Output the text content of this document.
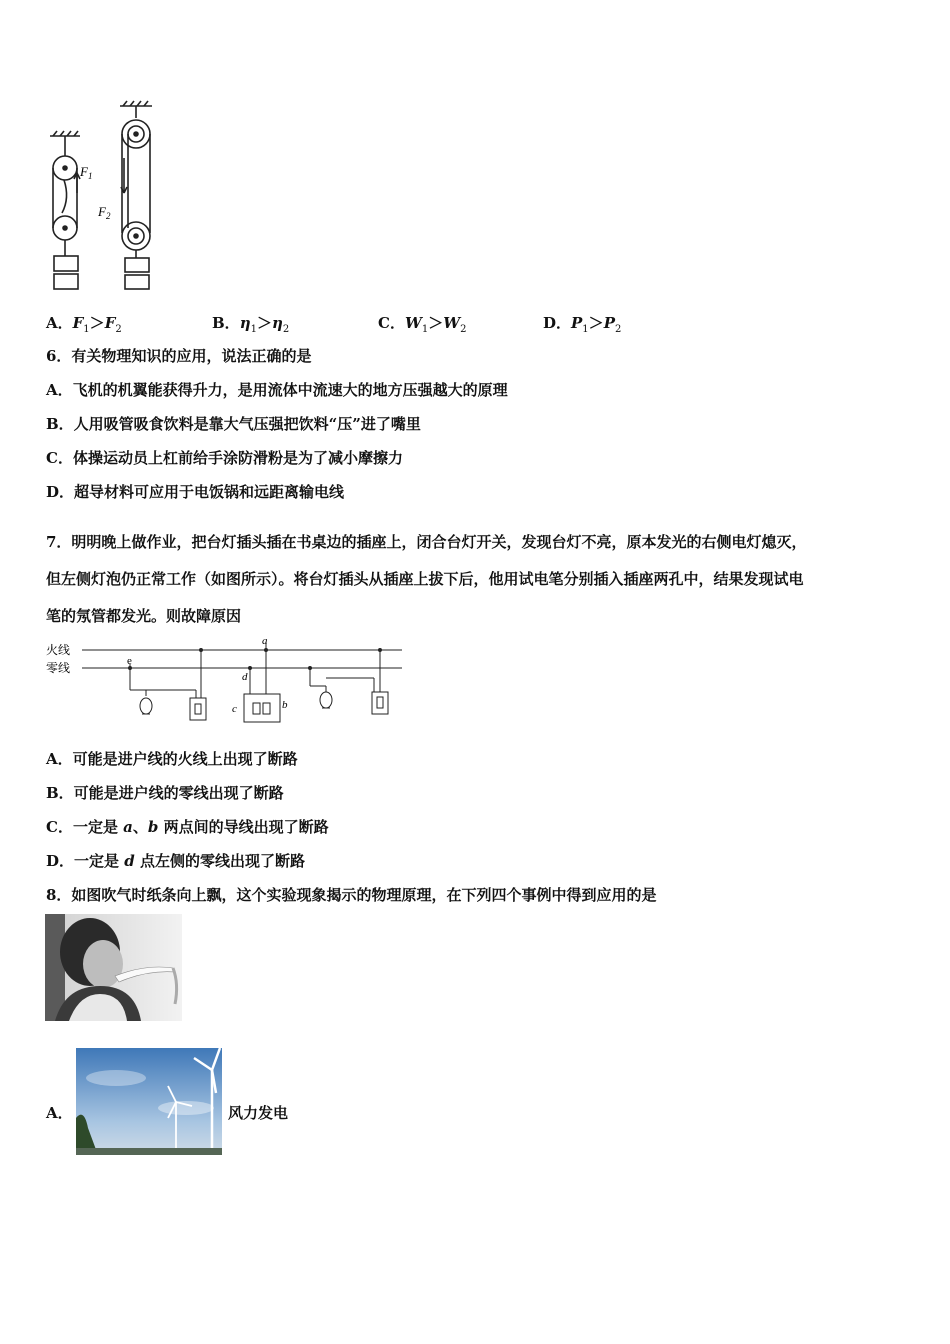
$F_1$
$F_2$
A．$F_1>F_2$	B．$\eta_1>\eta_2$	C．$W_1>W_2$	D．$P_1>P_2$
6．有关物理知识的应用，说法正确的是
A．飞机的机翼能获得升力，是用流体中流速大的地方压强越大的原理
B．人用吸管吸食饮料是靠大气压强把饮料“压”进了嘴里
C．体操运动员上杠前给手涂防滑粉是为了减小摩擦力
D．超导材料可应用于电饭锅和远距离输电线
7．明明晚上做作业，把台灯插头插在书桌边的插座上，闭合台灯开关，发现台灯不亮，原本发光的右侧电灯熄灭，
但左侧灯泡仍正常工作（如图所示）。将台灯插头从插座上拔下后，他用试电笔分别插入插座两孔中，结果发现试电
笔的氖管都发光。则故障原因
火线
零线
a
b
c
d
e
A．可能是进户线的火线上出现了断路
B．可能是进户线的零线出现了断路
C．一定是 a、b 两点间的导线出现了断路
D．一定是 d 点左侧的零线出现了断路
8．如图吹气时纸条向上飘，这个实验现象揭示的物理原理，在下列四个事例中得到应用的是
A．	风力发电
